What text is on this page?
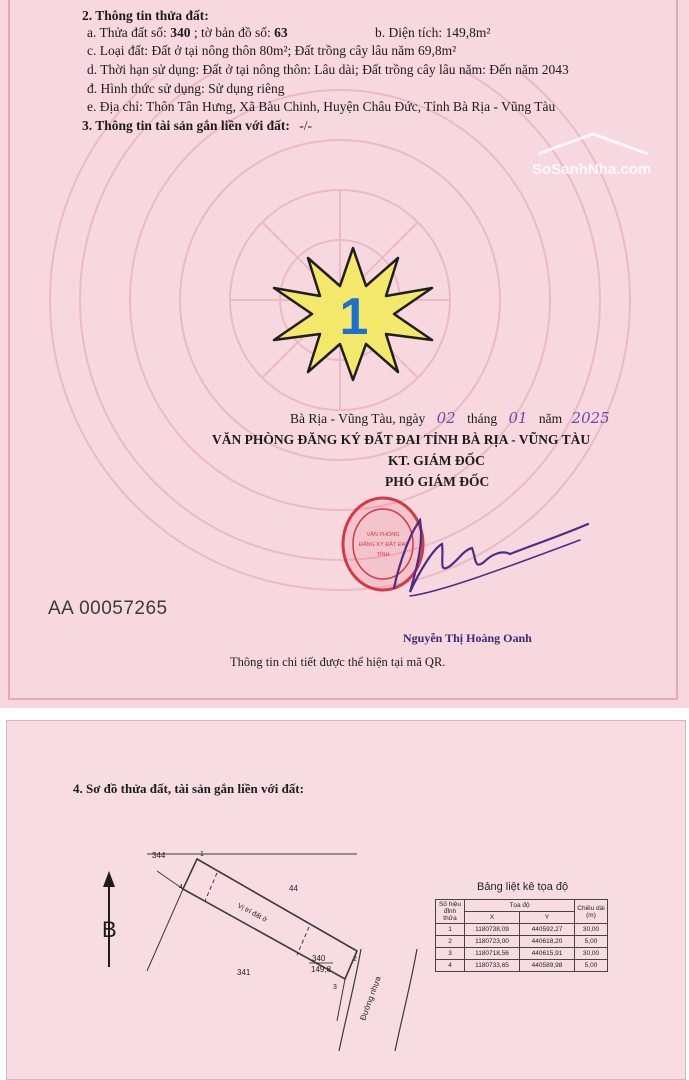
SoSanhNha.com
2. Thông tin thửa đất:
a. Thửa đất số: 340 ; tờ bản đồ số: 63	b. Diện tích: 149,8m²
c. Loại đất: Đất ở tại nông thôn 80m²; Đất trồng cây lâu năm 69,8m²
d. Thời hạn sử dụng: Đất ở tại nông thôn: Lâu dài; Đất trồng cây lâu năm: Đến năm 2043
đ. Hình thức sử dụng: Sử dụng riêng
e. Địa chỉ: Thôn Tân Hưng, Xã Bàu Chinh, Huyện Châu Đức, Tỉnh Bà Rịa - Vũng Tàu
3. Thông tin tài sản gắn liền với đất: -/-
1
Bà Rịa - Vũng Tàu, ngày 02 tháng 01 năm 2025
VĂN PHÒNG ĐĂNG KÝ ĐẤT ĐAI TỈNH BÀ RỊA - VŨNG TÀU
KT. GIÁM ĐỐC
PHÓ GIÁM ĐỐC
VĂN PHÒNG
ĐĂNG KÝ ĐẤT ĐAI
TỈNH
AA 00057265
Nguyễn Thị Hoàng Oanh
Thông tin chi tiết được thể hiện tại mã QR.
4. Sơ đồ thửa đất, tài sản gắn liền với đất:
B
344
44
341
340
149,8
Vị trí đất ở
Đường nhựa
1
2
3
4	Bảng liệt kê tọa độ
Số hiệu đỉnh thửa	Tọa độ		Chiều dài (m)
	X	Y	
1	1180738,09	440592,27	30,00
2	1180723,00	440618,20	5,00
3	1180718,56	440615,91	30,00
4	1180733,65	440589,98	5,00
